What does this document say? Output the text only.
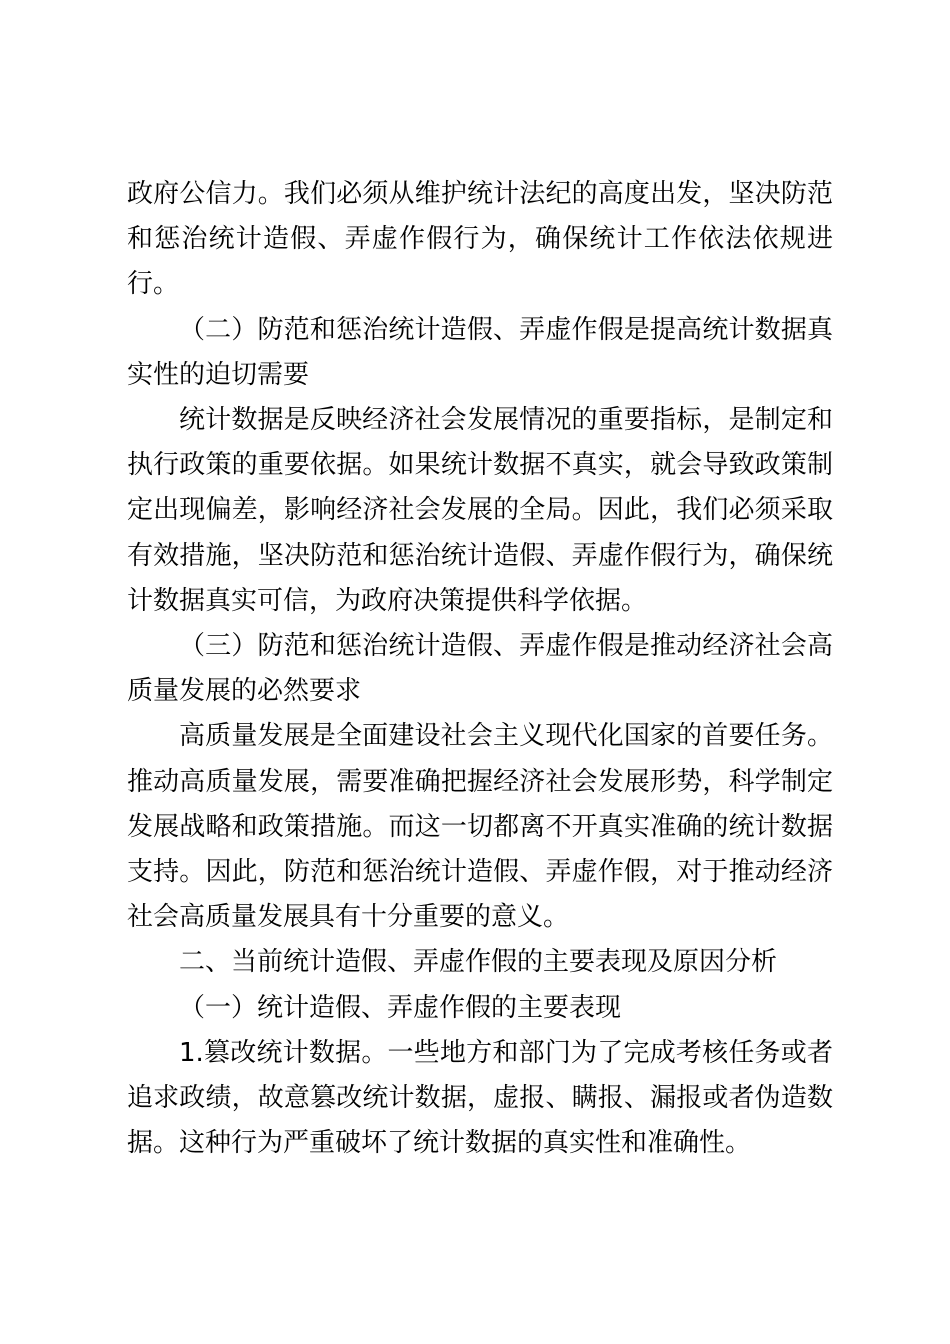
政府公信力。我们必须从维护统计法纪的高度出发，坚决防范和惩治统计造假、弄虚作假行为，确保统计工作依法依规进行。

（二）防范和惩治统计造假、弄虚作假是提高统计数据真实性的迫切需要

统计数据是反映经济社会发展情况的重要指标，是制定和执行政策的重要依据。如果统计数据不真实，就会导致政策制定出现偏差，影响经济社会发展的全局。因此，我们必须采取有效措施，坚决防范和惩治统计造假、弄虚作假行为，确保统计数据真实可信，为政府决策提供科学依据。

（三）防范和惩治统计造假、弄虚作假是推动经济社会高质量发展的必然要求

高质量发展是全面建设社会主义现代化国家的首要任务。推动高质量发展，需要准确把握经济社会发展形势，科学制定发展战略和政策措施。而这一切都离不开真实准确的统计数据支持。因此，防范和惩治统计造假、弄虚作假，对于推动经济社会高质量发展具有十分重要的意义。

二、当前统计造假、弄虚作假的主要表现及原因分析

（一）统计造假、弄虚作假的主要表现

1.篡改统计数据。一些地方和部门为了完成考核任务或者追求政绩，故意篡改统计数据，虚报、瞒报、漏报或者伪造数据。这种行为严重破坏了统计数据的真实性和准确性。
